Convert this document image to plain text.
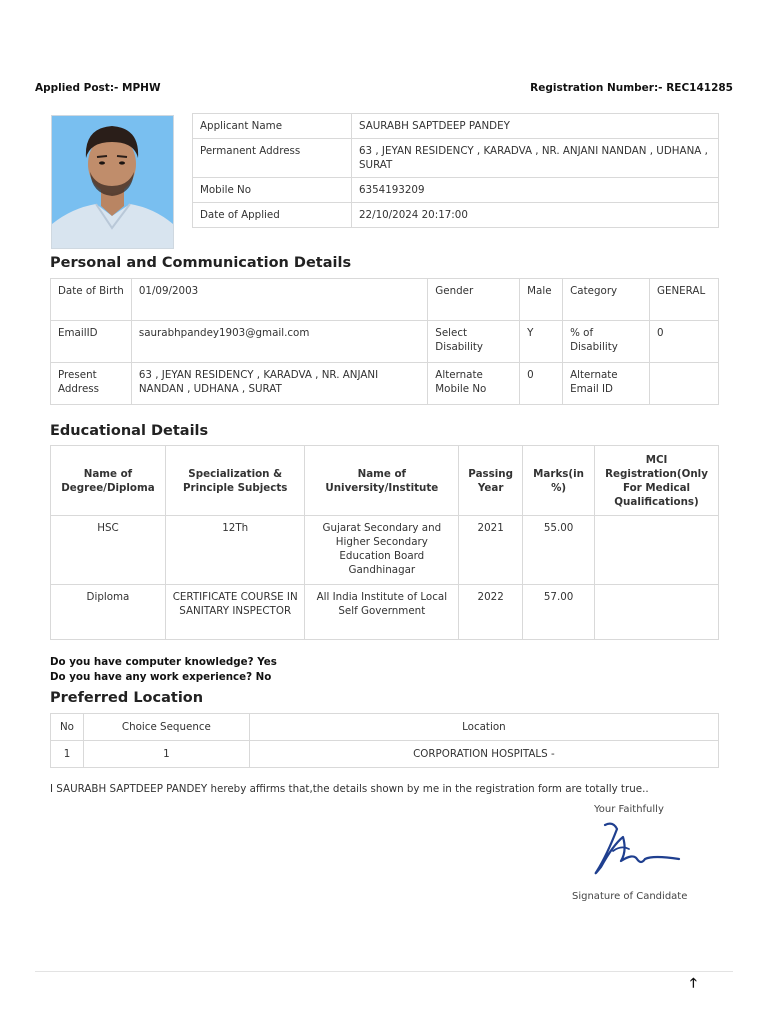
Applied Post:- MPHW	Registration Number:- REC141285
Applicant Name	SAURABH SAPTDEEP PANDEY
Permanent Address	63 , JEYAN RESIDENCY , KARADVA , NR. ANJANI NANDAN , UDHANA , SURAT
Mobile No	6354193209
Date of Applied	22/10/2024 20:17:00
Personal and Communication Details
Date of Birth	01/09/2003	Gender	Male	Category	GENERAL
EmailID	saurabhpandey1903@gmail.com	Select Disability	Y	% of Disability	0
Present Address	63 , JEYAN RESIDENCY , KARADVA , NR. ANJANI NANDAN , UDHANA , SURAT	Alternate Mobile No	0	Alternate Email ID	
Educational Details
Name of Degree/Diploma	Specialization & Principle Subjects	Name of University/Institute	Passing Year	Marks(in %)	MCI Registration(Only For Medical Qualifications)
HSC	12Th	Gujarat Secondary and Higher Secondary Education Board Gandhinagar	2021	55.00	
Diploma	CERTIFICATE COURSE IN SANITARY INSPECTOR	All India Institute of Local Self Government	2022	57.00	
Do you have computer knowledge? Yes
Do you have any work experience? No
Preferred Location
No	Choice Sequence	Location
1	1	CORPORATION HOSPITALS -
I SAURABH SAPTDEEP PANDEY hereby affirms that,the details shown by me in the registration form are totally true..
Your Faithfully
Signature of Candidate
🡑
